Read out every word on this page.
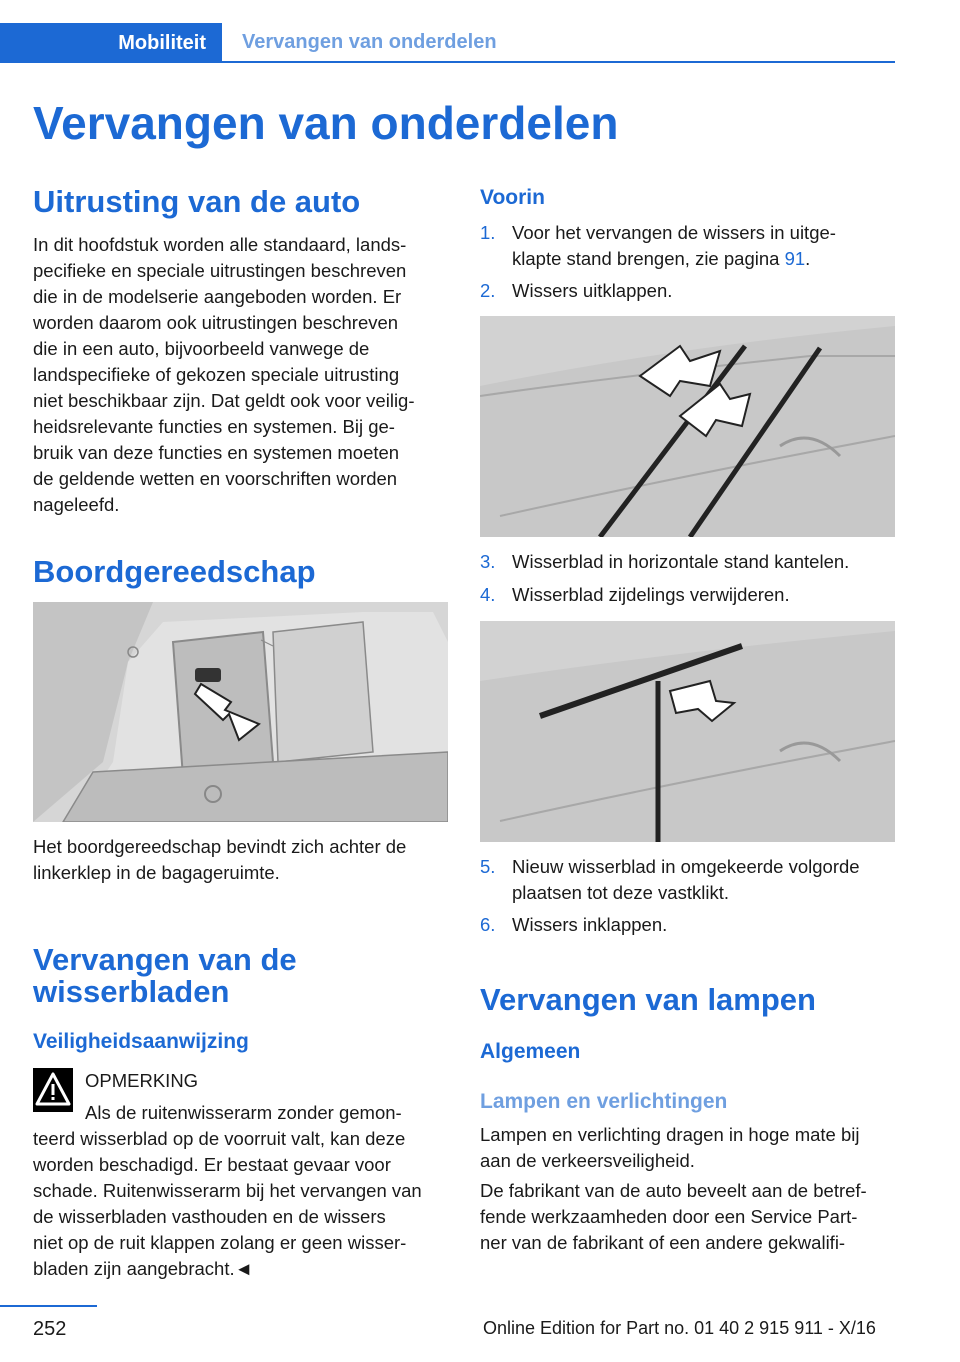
Mobiliteit Vervangen van onderdelen
Vervangen van onderdelen
Uitrusting van de auto
In dit hoofdstuk worden alle standaard, lands‐
pecifieke en speciale uitrustingen beschreven
die in de modelserie aangeboden worden. Er
worden daarom ook uitrustingen beschreven
die in een auto, bijvoorbeeld vanwege de
landspecifieke of gekozen speciale uitrusting
niet beschikbaar zijn. Dat geldt ook voor veilig‐
heidsrelevante functies en systemen. Bij ge‐
bruik van deze functies en systemen moeten
de geldende wetten en voorschriften worden
nageleefd.
Boordgereedschap
Het boordgereedschap bevindt zich achter de
linkerklep in de bagageruimte.
Vervangen van de
wisserbladen
Veiligheidsaanwijzing
OPMERKING
Als de ruitenwisserarm zonder gemon‐
teerd wisserblad op de voorruit valt, kan deze
worden beschadigd. Er bestaat gevaar voor
schade. Ruitenwisserarm bij het vervangen van
de wisserbladen vasthouden en de wissers
niet op de ruit klappen zolang er geen wisser‐
bladen zijn aangebracht.◄
Voorin
1. Voor het vervangen de wissers in uitge‐
klapte stand brengen, zie pagina 91.
2. Wissers uitklappen.
3. Wisserblad in horizontale stand kantelen.
4. Wisserblad zijdelings verwijderen.
5. Nieuw wisserblad in omgekeerde volgorde
plaatsen tot deze vastklikt.
6. Wissers inklappen.
Vervangen van lampen
Algemeen
Lampen en verlichtingen
Lampen en verlichting dragen in hoge mate bij
aan de verkeersveiligheid.
De fabrikant van de auto beveelt aan de betref‐
fende werkzaamheden door een Service Part‐
ner van de fabrikant of een andere gekwalifi‐
252	Online Edition for Part no. 01 40 2 915 911 - X/16
